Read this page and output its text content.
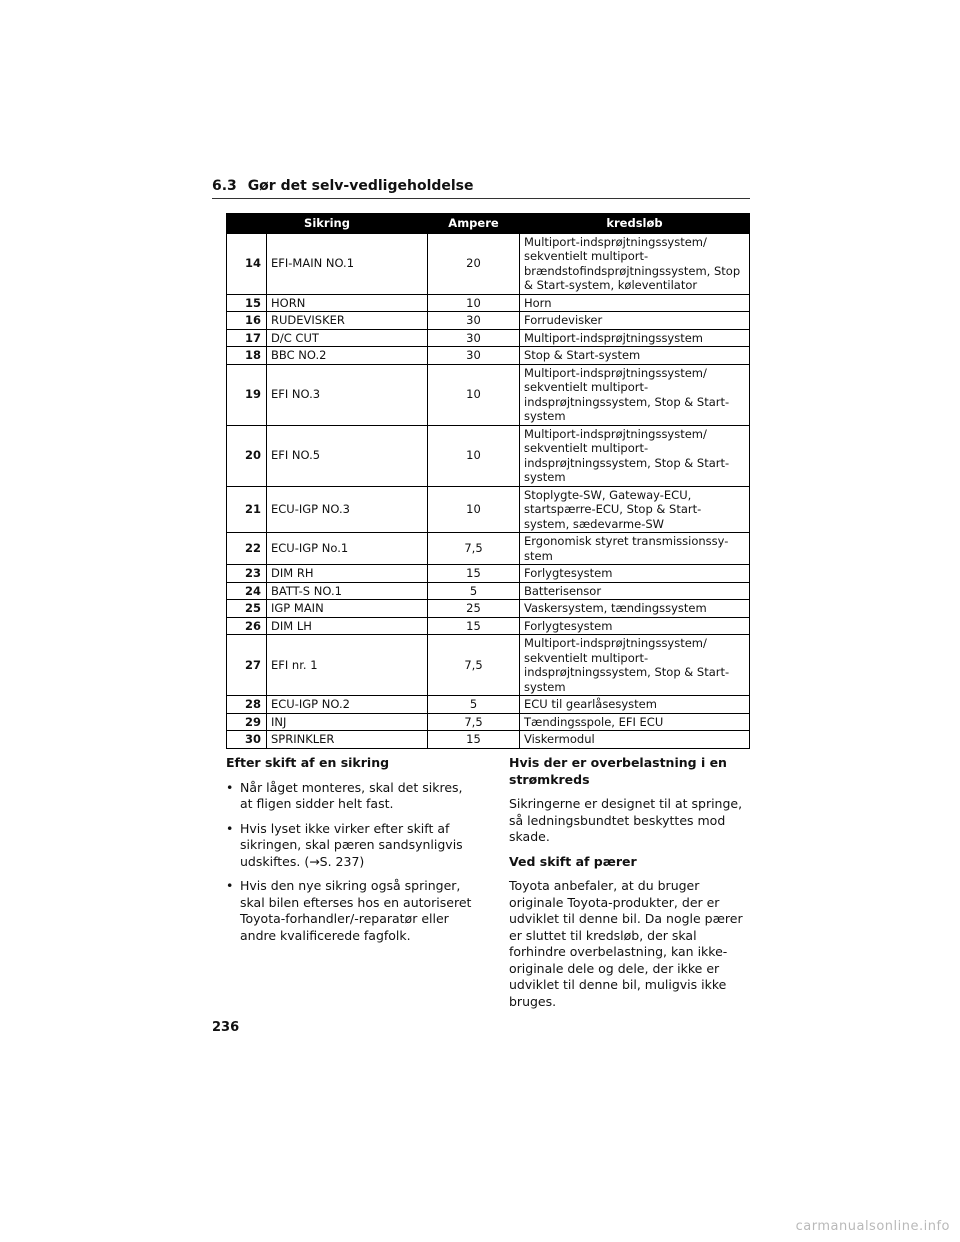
6.3 Gør det selv-vedligeholdelse
Sikring		Ampere	kredsløb
14	EFI-MAIN NO.1	20	Multiport-indsprøjtningssystem/ sekventielt multiport-brændstofindsprøjtningssystem, Stop & Start-system, køleventilator
15	HORN	10	Horn
16	RUDEVISKER	30	Forrudevisker
17	D/C CUT	30	Multiport-indsprøjtningssystem
18	BBC NO.2	30	Stop & Start-system
19	EFI NO.3	10	Multiport-indsprøjtningssystem/ sekventielt multiport-indsprøjtningssystem, Stop & Start-system
20	EFI NO.5	10	Multiport-indsprøjtningssystem/ sekventielt multiport-indsprøjtningssystem, Stop & Start-system
21	ECU-IGP NO.3	10	Stoplygte-SW, Gateway-ECU, startspærre-ECU, Stop & Start-system, sædevarme-SW
22	ECU-IGP No.1	7,5	Ergonomisk styret transmissionssy-stem
23	DIM RH	15	Forlygtesystem
24	BATT-S NO.1	5	Batterisensor
25	IGP MAIN	25	Vaskersystem, tændingssystem
26	DIM LH	15	Forlygtesystem
27	EFI nr. 1	7,5	Multiport-indsprøjtningssystem/ sekventielt multiport-indsprøjtningssystem, Stop & Start-system
28	ECU-IGP NO.2	5	ECU til gearlåsesystem
29	INJ	7,5	Tændingsspole, EFI ECU
30	SPRINKLER	15	Viskermodul
Efter skift af en sikring
• Når låget monteres, skal det sikres, at fligen sidder helt fast.
• Hvis lyset ikke virker efter skift af sikringen, skal pæren sandsynligvis udskiftes. (→S. 237)
• Hvis den nye sikring også springer, skal bilen efterses hos en autoriseret Toyota-forhandler/-reparatør eller andre kvalificerede fagfolk.
Hvis der er overbelastning i en strømkreds

Sikringerne er designet til at springe, så ledningsbundtet beskyttes mod skade.

Ved skift af pærer

Toyota anbefaler, at du bruger originale Toyota-produkter, der er udviklet til denne bil. Da nogle pærer er sluttet til kredsløb, der skal forhindre overbelastning, kan ikke-originale dele og dele, der ikke er udviklet til denne bil, muligvis ikke bruges.

236
carmanualsonline.info
